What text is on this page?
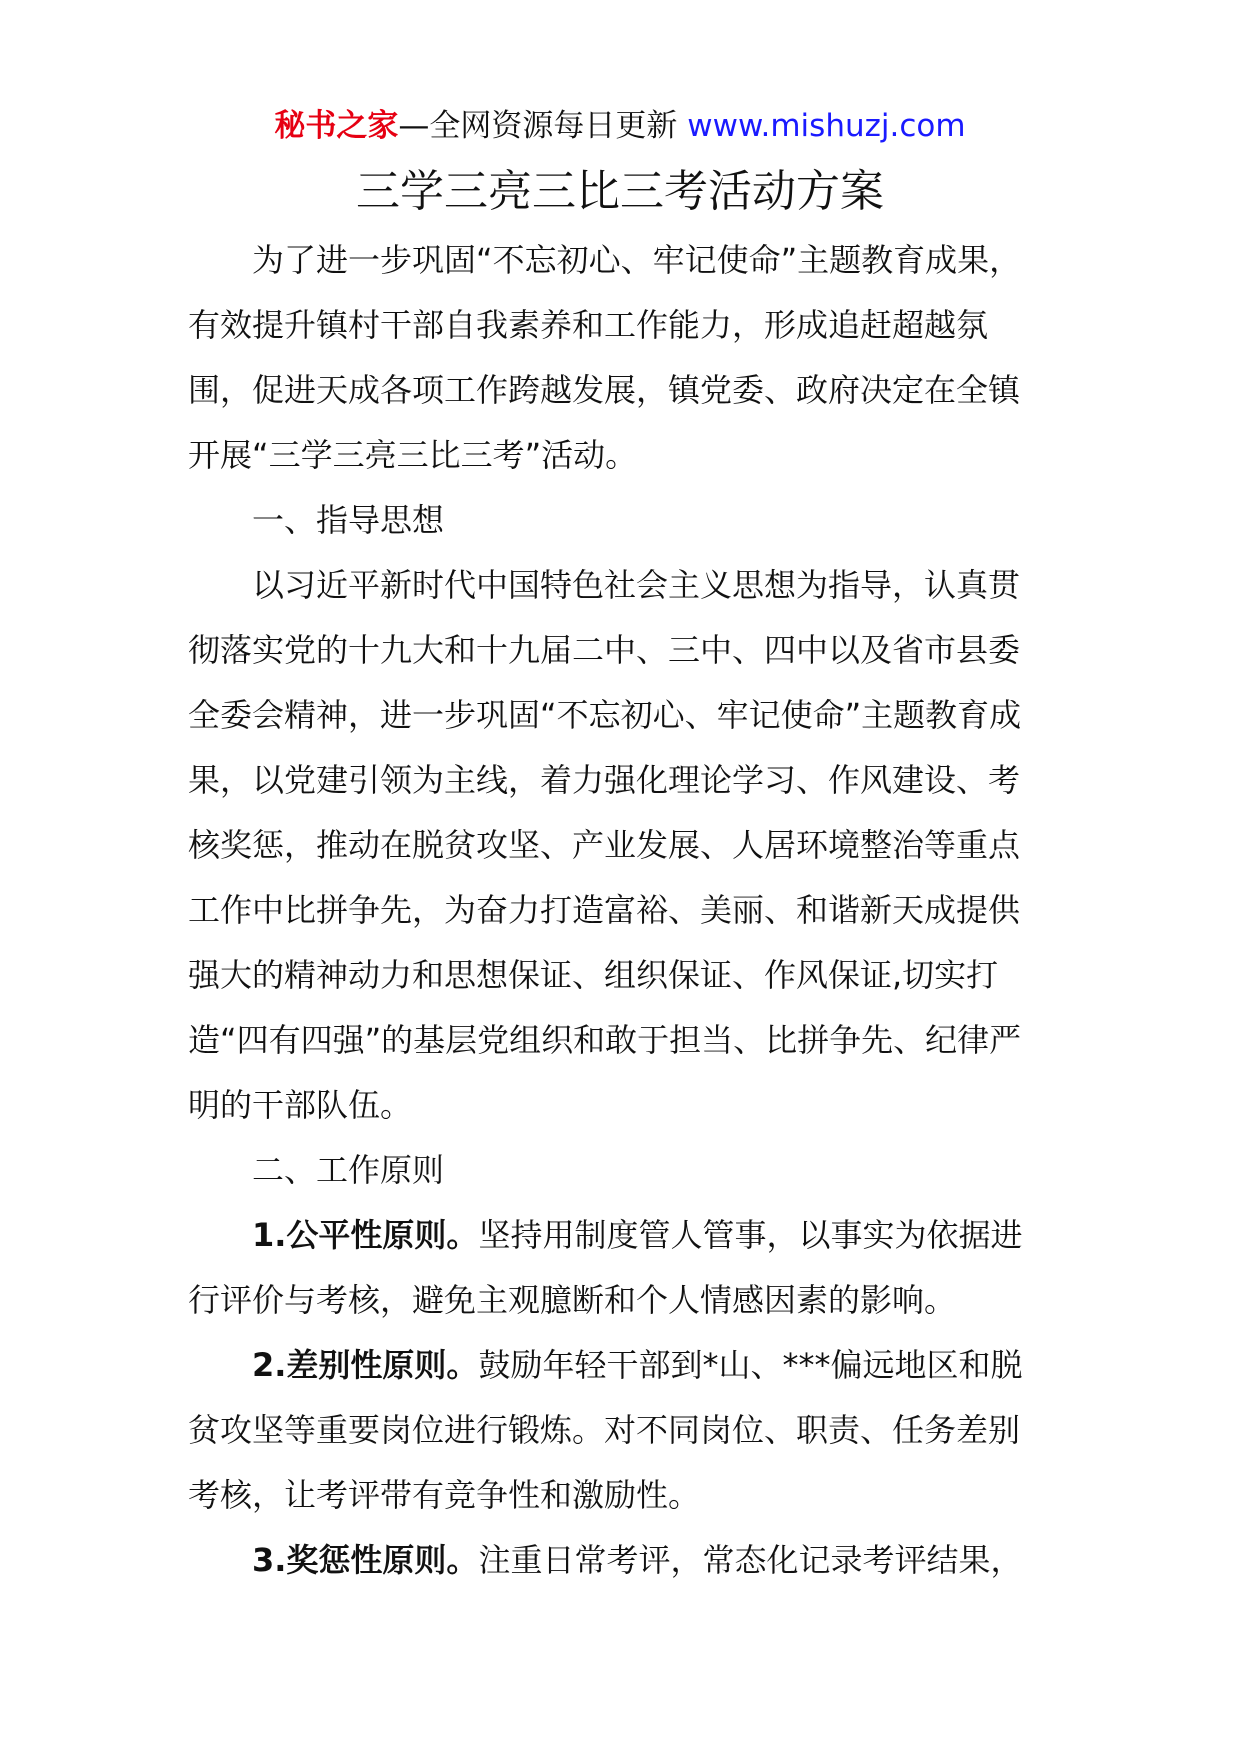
秘书之家—全网资源每日更新 www.mishuzj.com
三学三亮三比三考活动方案

为了进一步巩固“不忘初心、牢记使命”主题教育成果，有效提升镇村干部自我素养和工作能力，形成追赶超越氛围，促进天成各项工作跨越发展，镇党委、政府决定在全镇开展“三学三亮三比三考”活动。

一、指导思想

以习近平新时代中国特色社会主义思想为指导，认真贯彻落实党的十九大和十九届二中、三中、四中以及省市县委全委会精神，进一步巩固“不忘初心、牢记使命”主题教育成果，以党建引领为主线，着力强化理论学习、作风建设、考核奖惩，推动在脱贫攻坚、产业发展、人居环境整治等重点工作中比拼争先，为奋力打造富裕、美丽、和谐新天成提供强大的精神动力和思想保证、组织保证、作风保证,切实打造“四有四强”的基层党组织和敢于担当、比拼争先、纪律严明的干部队伍。

二、工作原则

1.公平性原则。坚持用制度管人管事，以事实为依据进行评价与考核，避免主观臆断和个人情感因素的影响。

2.差别性原则。鼓励年轻干部到*山、***偏远地区和脱贫攻坚等重要岗位进行锻炼。对不同岗位、职责、任务差别考核，让考评带有竞争性和激励性。

3.奖惩性原则。注重日常考评，常态化记录考评结果，
